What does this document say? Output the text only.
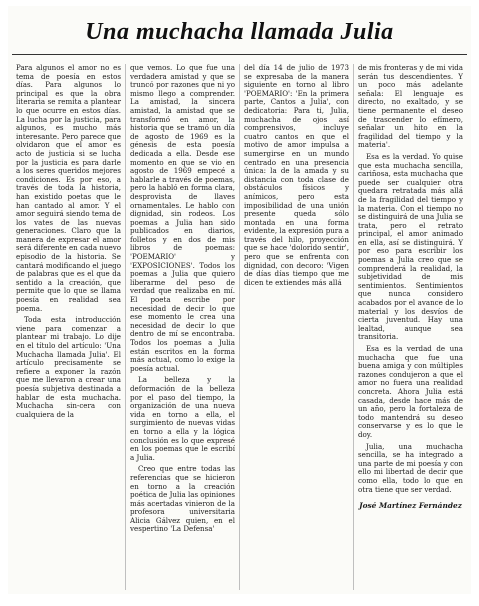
Una muchacha llamada Julia

Para algunos el amor no es tema de poesía en estos días. Para algunos lo principal es que la obra literaria se remita a plantear lo que ocurre en estos días. La lucha por la justicia, para algunos, es mucho más interesante. Pero parece que olvidaron que el amor es acto de justicia si se lucha por la justicia es para darle a los seres queridos mejores condiciones. Es por eso, a través de toda la historia, han existido poetas que le han cantado al amor. Y el amor seguirá siendo tema de los vates de las nuevas generaciones. Claro que la manera de expresar el amor será diferente en cada nuevo episodio de la historia. Se cantará modificando el juego de palabras que es el que da sentido a la creación, que permite que lo que se llama poesía en realidad sea poema.

Toda esta introducción viene para comenzar a plantear mi trabajo. Lo dije en el título del artículo: 'Una Muchacha llamada Julia'. El artículo precisamente se refiere a exponer la razón que me llevaron a crear una poesía subjetiva destinada a hablar de esta muchacha. Muchacha sin-cera con cualquiera de la

que vemos. Lo que fue una verdadera amistad y que se truncó por razones que ni yo mismo llego a comprender. La amistad, la sincera amistad, la amistad que se transformó en amor, la historia que se tramó un día de agosto de 1969 es la génesis de esta poesía dedicada a ella. Desde ese momento en que se vio en agosto de 1969 empecé a hablarle a través de poemas, pero la habló en forma clara, desprovista de llaves ornamentales. Le hablo con dignidad, sin rodeos. Los poemas a Julia han sido publicados en diarios, folletos y en dos de mis libros de poemas: 'POEMARIO' y 'EXPOSICIONES'. Todos los poemas a Julia que quiero liberarme del peso de verdad que realizaba en mí. El poeta escribe por necesidad de decir lo que ese momento le crea una necesidad de decir lo que dentro de mí se encontraba. Todos los poemas a Julia están escritos en la forma más actual, como lo exige la poesía actual.

La belleza y la deformación de la belleza por el paso del tiempo, la organización de una nueva vida en torno a ella, el surgimiento de nuevas vidas en torno a ella y la lógica conclusión es lo que expresé en los poemas que le escribí a Julia.

Creo que entre todas las referencias que se hicieron en torno a la creación poética de Julia las opiniones más acertadas vinieron de la profesora universitaria Alicia Gálvez quien, en el vespertino 'La Defensa'

del día 14 de julio de 1973 se expresaba de la manera siguiente en torno al libro 'POEMARIO': 'En la primera parte, Cantos a Julia', con dedicatoria: Para ti, Julia, muchacha de ojos así comprensivos, incluye cuatro cantos en que el motivo de amor impulsa a sumergirse en un mundo centrado en una presencia única: la de la amada y su distancia con toda clase de obstáculos físicos y anímicos, pero esta imposibilidad de una unión presente queda sólo montada en una forma evidente, la expresión pura a través del hilo, proyección que se hace 'dolorido sentir', pero que se enfrenta con dignidad, con decoro: 'Vigen de días días tiempo que me dicen te extiendes más allá

de mis fronteras y de mi vida serán tus descendientes. Y un poco más adelante señala: El lenguaje es directo, no exaltado, y se tiene permanente el deseo de trascender lo efímero, señalar un hito en la fragilidad del tiempo y la materia'.

Esa es la verdad. Yo quise que esta muchacha sencilla, cariñosa, esta muchacha que puede ser cualquier otra quedara retratada más allá de la fragilidad del tiempo y la materia. Con el tiempo no se distinguirá de una Julia se trata, pero el retrato principal, el amor animado en ella, así se distinguirá. Y por eso para escribir los poemas a Julia creo que se comprenderá la realidad, la subjetividad de mis sentimientos. Sentimientos que nunca considero acabados por el avance de lo material y los desvíos de cierta juventud. Hay una lealtad, aunque sea transitoria.

Esa es la verdad de una muchacha que fue una buena amiga y con múltiples razones condujeron a que el amor no fuera una realidad concreta. Ahora Julia está casada, desde hace más de un año, pero la fortaleza de todo mantendrá su deseo conservarse y es lo que le doy.

Julia, una muchacha sencilla, se ha integrado a una parte de mi poesía y con ello mi libertad de decir que como ella, todo lo que en otra tiene que ser verdad.

José Martínez Fernández
